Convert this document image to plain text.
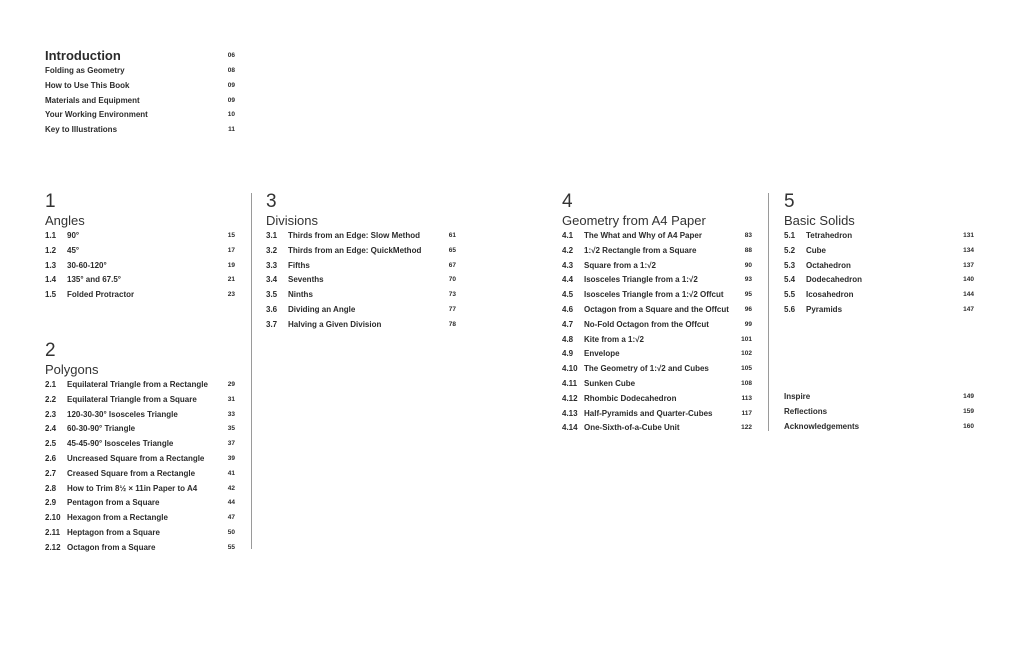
Introduction	06
Folding as Geometry	08
How to Use This Book	09
Materials and Equipment	09
Your Working Environment	10
Key to Illustrations	11
1
Angles
1.1 90°	15
1.2 45°	17
1.3 30-60-120°	19
1.4 135° and 67.5°	21
1.5 Folded Protractor	23
2
Polygons
2.1 Equilateral Triangle from a Rectangle	29
2.2 Equilateral Triangle from a Square	31
2.3 120-30-30° Isosceles Triangle	33
2.4 60-30-90° Triangle	35
2.5 45-45-90° Isosceles Triangle	37
2.6 Uncreased Square from a Rectangle	39
2.7 Creased Square from a Rectangle	41
2.8 How to Trim 8½ × 11in Paper to A4	42
2.9 Pentagon from a Square	44
2.10 Hexagon from a Rectangle	47
2.11 Heptagon from a Square	50
2.12 Octagon from a Square	55
3
Divisions
3.1 Thirds from an Edge: Slow Method	61
3.2 Thirds from an Edge: QuickMethod	65
3.3 Fifths	67
3.4 Sevenths	70
3.5 Ninths	73
3.6 Dividing an Angle	77
3.7 Halving a Given Division	78
4
Geometry from A4 Paper
4.1 The What and Why of A4 Paper	83
4.2 1:√2 Rectangle from a Square	88
4.3 Square from a 1:√2	90
4.4 Isosceles Triangle from a 1:√2	93
4.5 Isosceles Triangle from a 1:√2 Offcut	95
4.6 Octagon from a Square and the Offcut 96
4.7 No-Fold Octagon from the Offcut	99
4.8 Kite from a 1:√2	101
4.9 Envelope	102
4.10 The Geometry of 1:√2 and Cubes	105
4.11 Sunken Cube	108
4.12 Rhombic Dodecahedron	113
4.13 Half-Pyramids and Quarter-Cubes	117
4.14 One-Sixth-of-a-Cube Unit	122
5
Basic Solids
5.1 Tetrahedron	131
5.2 Cube	134
5.3 Octahedron	137
5.4 Dodecahedron	140
5.5 Icosahedron	144
5.6 Pyramids	147
Inspire	149
Reflections	159
Acknowledgements	160
